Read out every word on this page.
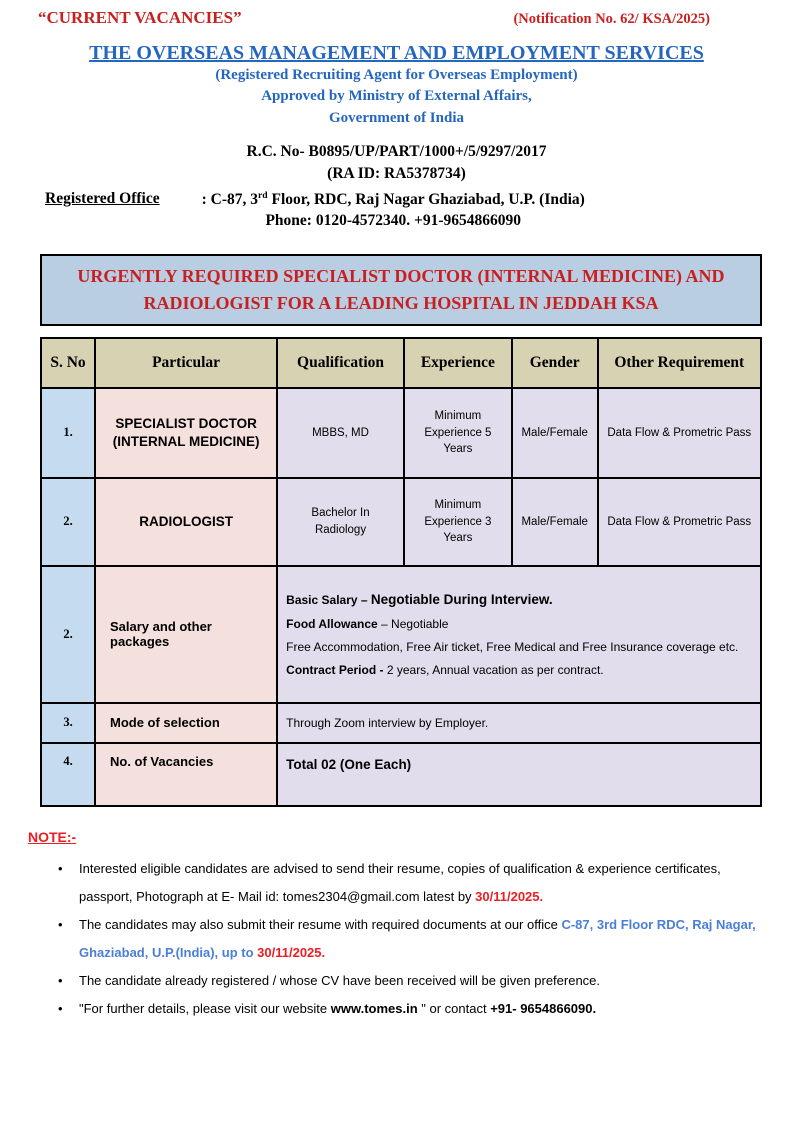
“CURRENT VACANCIES”	(Notification No. 62/ KSA/2025)
THE OVERSEAS MANAGEMENT AND EMPLOYMENT SERVICES
(Registered Recruiting Agent for Overseas Employment)
Approved by Ministry of External Affairs,
Government of India
R.C. No- B0895/UP/PART/1000+/5/9297/2017
(RA ID: RA5378734)
Registered Office	: C-87, 3rd Floor, RDC, Raj Nagar Ghaziabad, U.P. (India)
Phone: 0120-4572340. +91-9654866090
URGENTLY REQUIRED SPECIALIST DOCTOR (INTERNAL MEDICINE) AND RADIOLOGIST FOR A LEADING HOSPITAL IN JEDDAH KSA
S. No	Particular	Qualification	Experience	Gender	Other Requirement
1.	SPECIALIST DOCTOR (INTERNAL MEDICINE)	MBBS, MD	Minimum Experience 5 Years	Male/Female	Data Flow & Prometric Pass
2.	RADIOLOGIST	Bachelor In Radiology	Minimum Experience 3 Years	Male/Female	Data Flow & Prometric Pass
2.	Salary and other packages	Basic Salary – Negotiable During Interview.
Food Allowance – Negotiable
Free Accommodation, Free Air ticket, Free Medical and Free Insurance coverage etc.
Contract Period - 2 years, Annual vacation as per contract.			

3.	Mode of selection	Through Zoom interview by Employer.			

4.	No. of Vacancies	Total 02 (One Each)			
NOTE:-
• Interested eligible candidates are advised to send their resume, copies of qualification & experience certificates, passport, Photograph at E- Mail id: tomes2304@gmail.com latest by 30/11/2025.
• The candidates may also submit their resume with required documents at our office C-87, 3rd Floor RDC, Raj Nagar, Ghaziabad, U.P.(India), up to 30/11/2025.
• The candidate already registered / whose CV have been received will be given preference.
• "For further details, please visit our website www.tomes.in " or contact +91- 9654866090.
